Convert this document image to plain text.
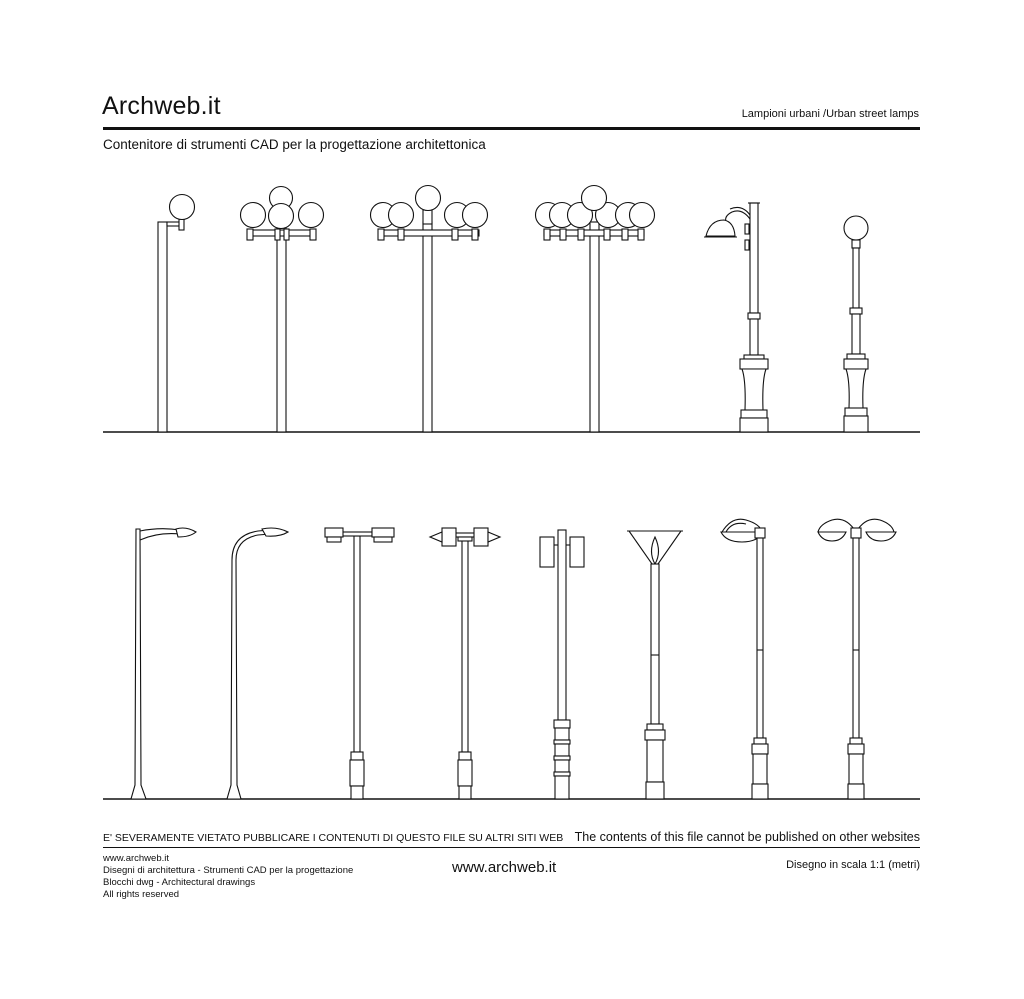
Archweb.it	Lampioni urbani /Urban street lamps
Contenitore di strumenti CAD per la progettazione architettonica
E' SEVERAMENTE VIETATO PUBBLICARE I CONTENUTI DI QUESTO FILE SU ALTRI SITI WEB The contents of this file cannot be published on other websites
www.archweb.it
Disegni di architettura - Strumenti CAD per la progettazione
Blocchi dwg - Architectural drawings
All rights reserved
www.archweb.it	Disegno in scala 1:1 (metri)
